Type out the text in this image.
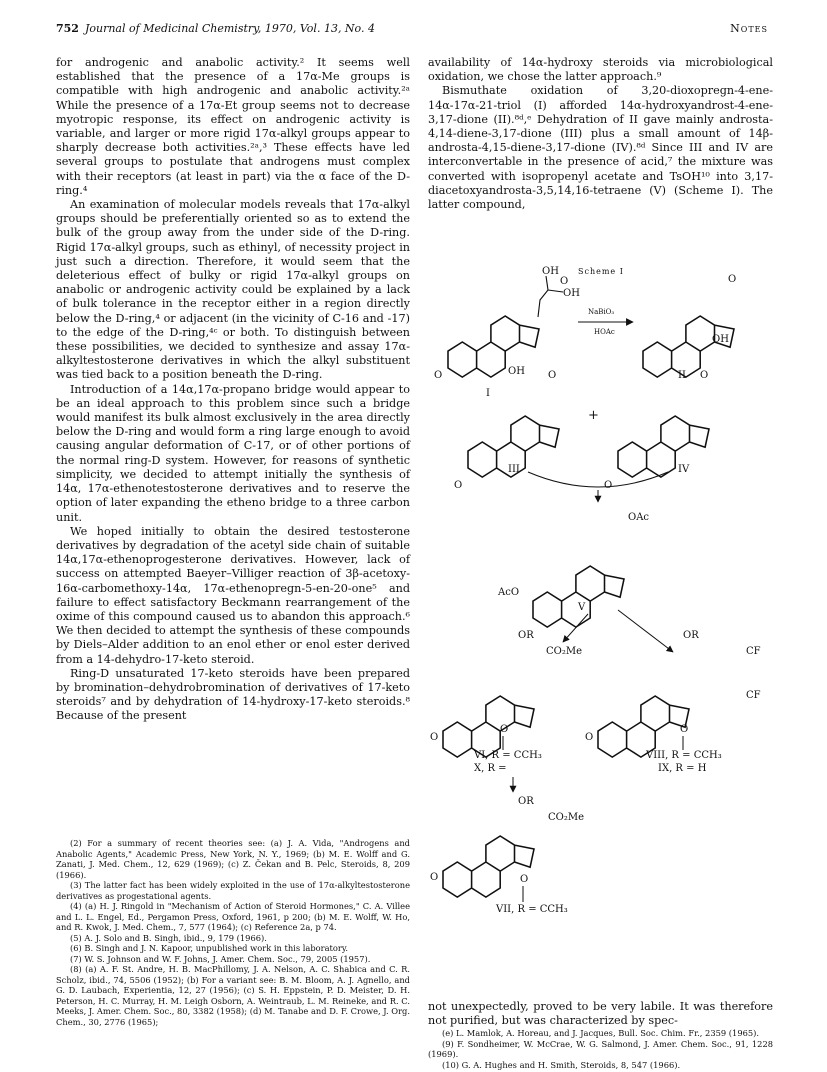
752 Journal of Medicinal Chemistry, 1970, Vol. 13, No. 4	Notes

for androgenic and anabolic activity.² It seems well established that the presence of a 17α-Me groups is compatible with high androgenic and anabolic activity.²ᵃ While the presence of a 17α-Et group seems not to decrease myotropic response, its effect on androgenic activity is variable, and larger or more rigid 17α-alkyl groups appear to sharply decrease both activities.²ᵃ,³ These effects have led several groups to postulate that androgens must complex with their receptors (at least in part) via the α face of the D-ring.⁴

An examination of molecular models reveals that 17α-alkyl groups should be preferentially oriented so as to extend the bulk of the group away from the under side of the D-ring. Rigid 17α-alkyl groups, such as ethinyl, of necessity project in just such a direction. Therefore, it would seem that the deleterious effect of bulky or rigid 17α-alkyl groups on anabolic or androgenic activity could be explained by a lack of bulk tolerance in the receptor either in a region directly below the D-ring,⁴ or adjacent (in the vicinity of C-16 and -17) to the edge of the D-ring,⁴ᶜ or both. To distinguish between these possibilities, we decided to synthesize and assay 17α-alkyltestosterone derivatives in which the alkyl substituent was tied back to a position beneath the D-ring.

Introduction of a 14α,17α-propano bridge would appear to be an ideal approach to this problem since such a bridge would manifest its bulk almost exclusively in the area directly below the D-ring and would form a ring large enough to avoid causing angular deformation of C-17, or of other portions of the normal ring-D system. However, for reasons of synthetic simplicity, we decided to attempt initially the synthesis of 14α, 17α-ethenotestosterone derivatives and to reserve the option of later expanding the etheno bridge to a three carbon unit.

We hoped initially to obtain the desired testosterone derivatives by degradation of the acetyl side chain of suitable 14α,17α-ethenoprogesterone derivatives. However, lack of success on attempted Baeyer–Villiger reaction of 3β-acetoxy-16α-carbomethoxy-14α, 17α-ethenopregn-5-en-20-one⁵ and failure to effect satisfactory Beckmann rearrangement of the oxime of this compound caused us to abandon this approach.⁶ We then decided to attempt the synthesis of these compounds by Diels–Alder addition to an enol ether or enol ester derived from a 14-dehydro-17-keto steroid.

Ring-D unsaturated 17-keto steroids have been prepared by bromination–dehydrobromination of derivatives of 17-keto steroids⁷ and by dehydration of 14-hydroxy-17-keto steroids.⁸ Because of the present

(2) For a summary of recent theories see: (a) J. A. Vida, "Androgens and Anabolic Agents," Academic Press, New York, N. Y., 1969; (b) M. E. Wolff and G. Zanati, J. Med. Chem., 12, 629 (1969); (c) Z. Čekan and B. Pelc, Steroids, 8, 209 (1966).

(3) The latter fact has been widely exploited in the use of 17α-alkyltestosterone derivatives as progestational agents.

(4) (a) H. J. Ringold in "Mechanism of Action of Steroid Hormones," C. A. Villee and L. L. Engel, Ed., Pergamon Press, Oxford, 1961, p 200; (b) M. E. Wolff, W. Ho, and R. Kwok, J. Med. Chem., 7, 577 (1964); (c) Reference 2a, p 74.

(5) A. J. Solo and B. Singh, ibid., 9, 179 (1966).

(6) B. Singh and J. N. Kapoor, unpublished work in this laboratory.

(7) W. S. Johnson and W. F. Johns, J. Amer. Chem. Soc., 79, 2005 (1957).

(8) (a) A. F. St. Andre, H. B. MacPhillomy, J. A. Nelson, A. C. Shabica and C. R. Scholz, ibid., 74, 5506 (1952); (b) For a variant see: B. M. Bloom, A. J. Agnello, and G. D. Laubach, Experientia, 12, 27 (1956); (c) S. H. Eppstein, P. D. Meister, D. H. Peterson, H. C. Murray, H. M. Leigh Osborn, A. Weintraub, L. M. Reineke, and R. C. Meeks, J. Amer. Chem. Soc., 80, 3382 (1958); (d) M. Tanabe and D. F. Crowe, J. Org. Chem., 30, 2776 (1965);

availability of 14α-hydroxy steroids via microbiological oxidation, we chose the latter approach.⁹

Bismuthate oxidation of 3,20-dioxopregn-4-ene-14α-17α-21-triol (I) afforded 14α-hydroxyandrost-4-ene-3,17-dione (II).⁸ᵈ,ᵉ Dehydration of II gave mainly androsta-4,14-diene-3,17-dione (III) plus a small amount of 14β-androsta-4,15-diene-3,17-dione (IV).⁸ᵈ Since III and IV are interconvertable in the presence of acid,⁷ the mixture was converted with isopropenyl acetate and TsOH¹⁰ into 3,17-diacetoxyandrosta-3,5,14,16-tetraene (V) (Scheme I). The latter compound,

Scheme I
OH
O
OH
OH
O
I
NaBiO₃
HOAc
O
OH
II
O
O
III
+
O
O
IV
OAc
AcO
V
OR
CO₂Me
O
O
VI, R = CCH₃
X, R =
OR
CF
CF
O
O
VIII, R = CCH₃
IX, R = H
OR
CO₂Me
O	O
VII, R = CCH₃

not unexpectedly, proved to be very labile. It was therefore not purified, but was characterized by spec-

(e) L. Mamlok, A. Horeau, and J. Jacques, Bull. Soc. Chim. Fr., 2359 (1965).

(9) F. Sondheimer, W. McCrae, W. G. Salmond, J. Amer. Chem. Soc., 91, 1228 (1969).

(10) G. A. Hughes and H. Smith, Steroids, 8, 547 (1966).
